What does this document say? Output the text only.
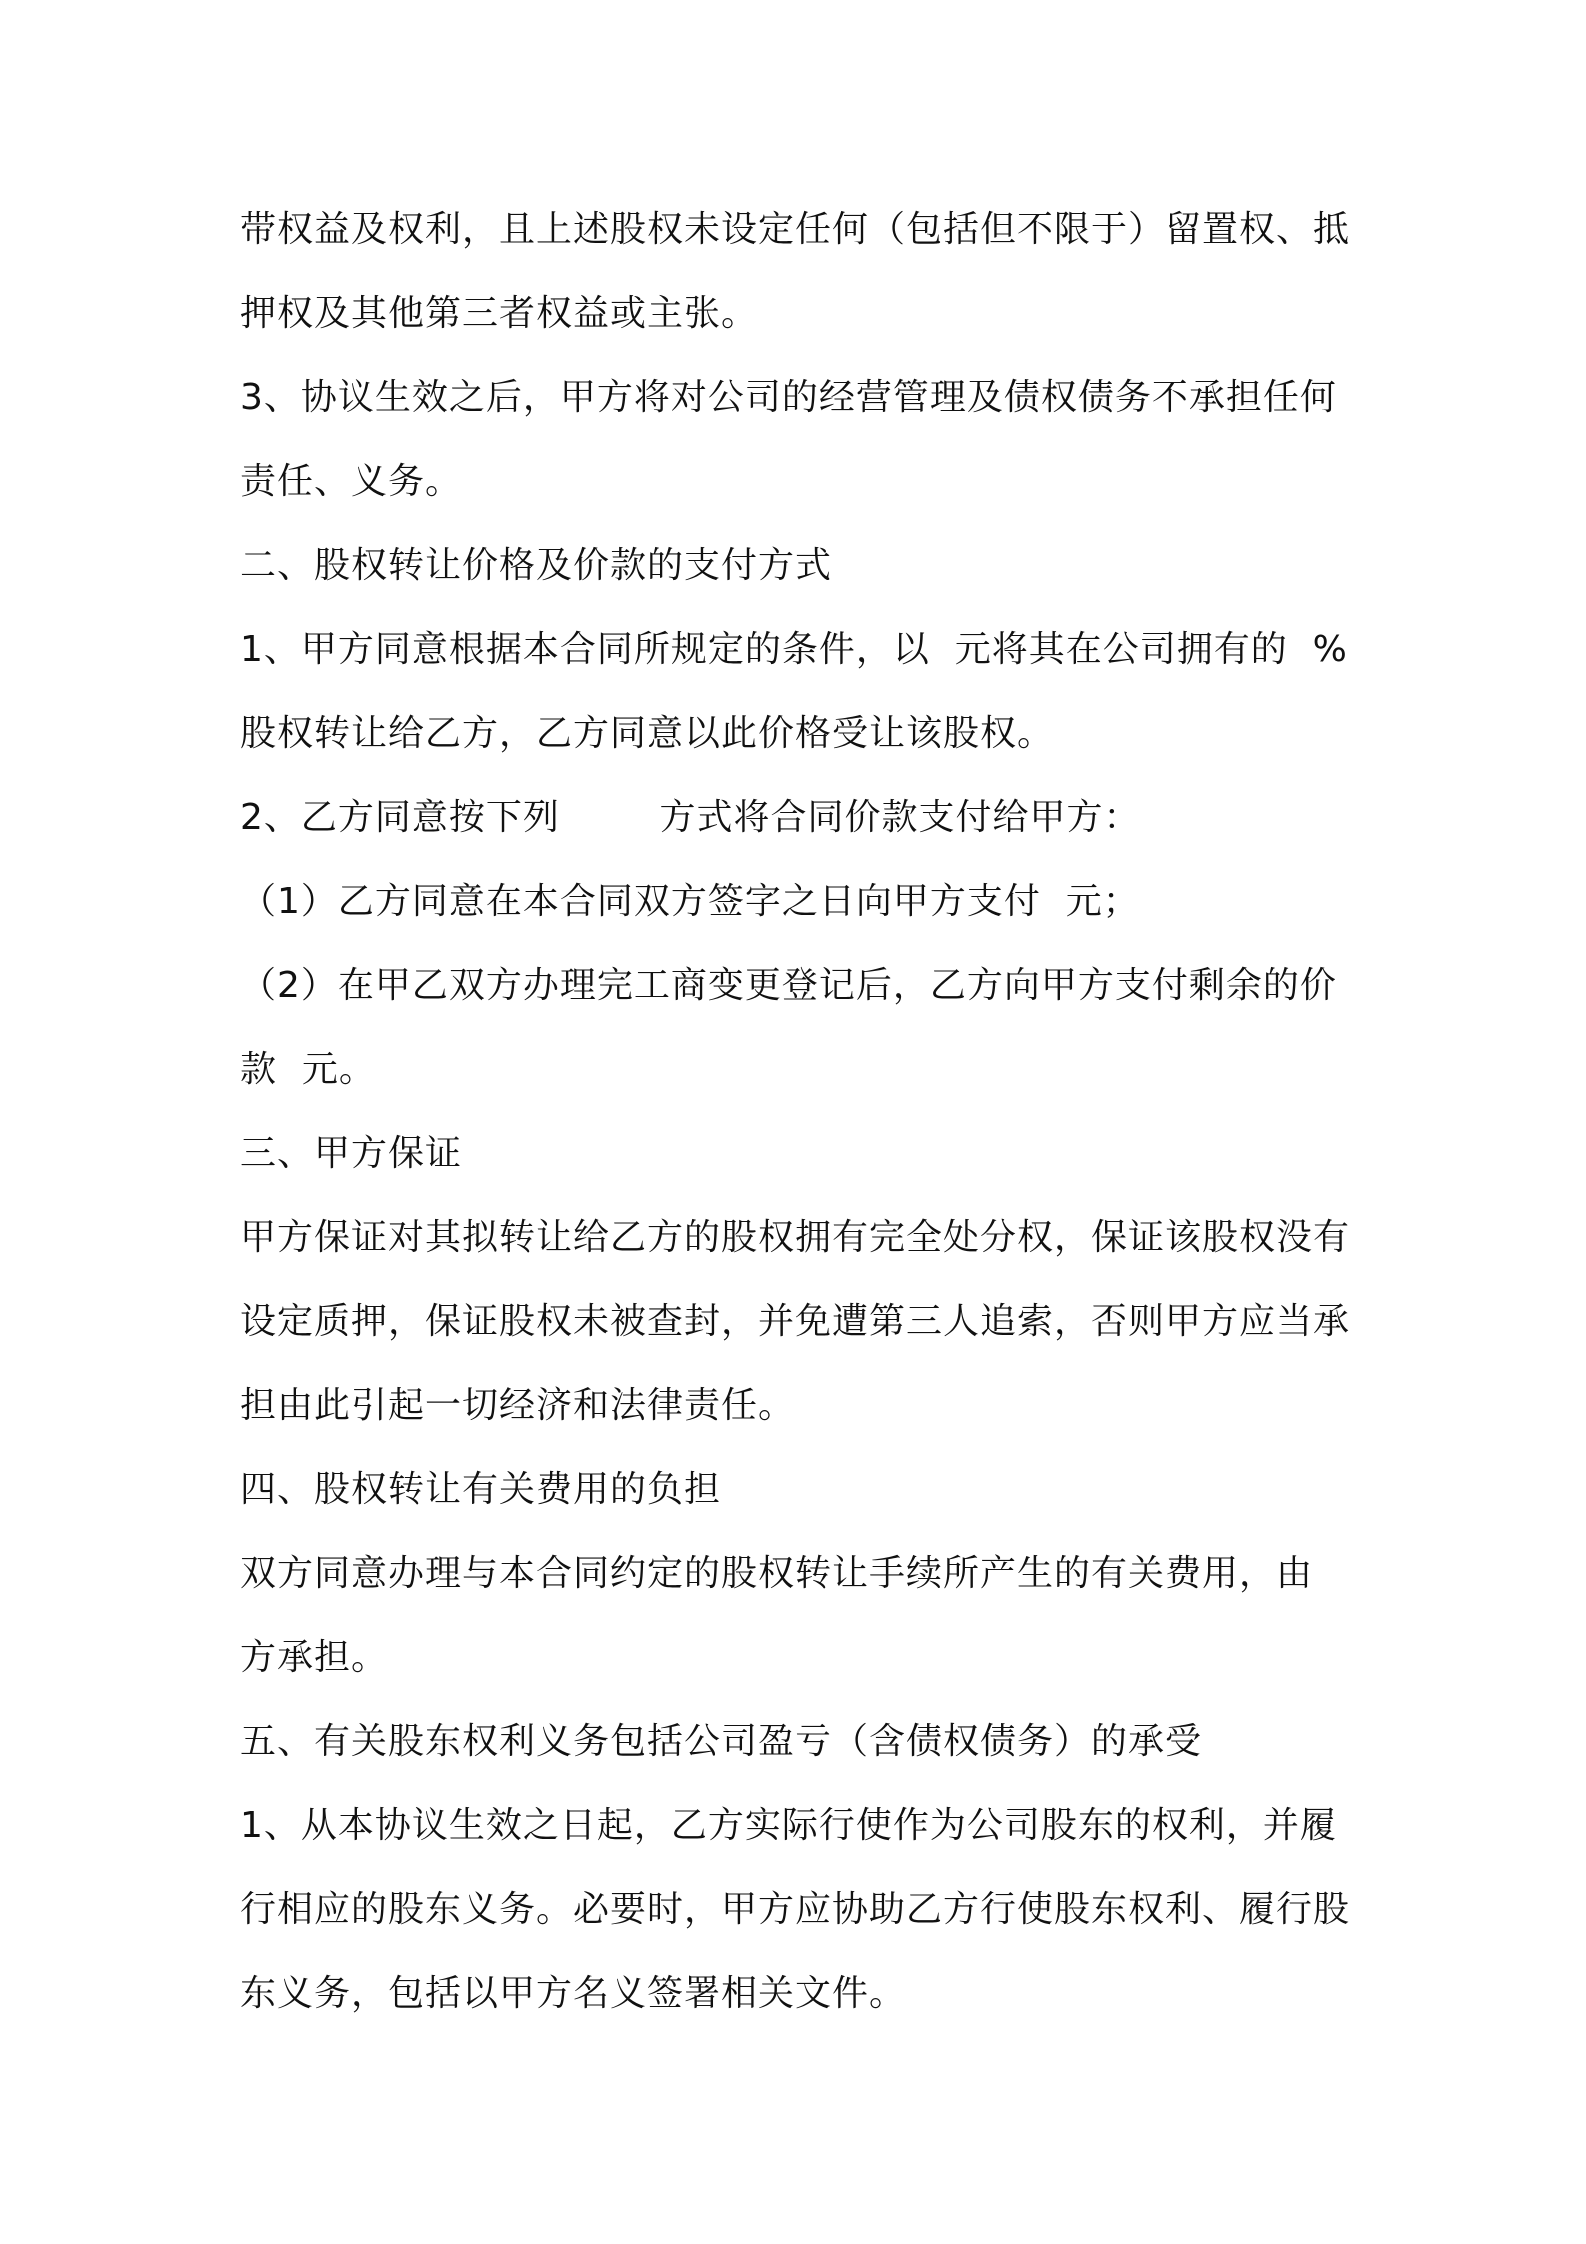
带权益及权利，且上述股权未设定任何（包括但不限于）留置权、抵
押权及其他第三者权益或主张。
3、协议生效之后，甲方将对公司的经营管理及债权债务不承担任何
责任、义务。
二、股权转让价格及价款的支付方式
1、甲方同意根据本合同所规定的条件，以  元将其在公司拥有的  %
股权转让给乙方，乙方同意以此价格受让该股权。
2、乙方同意按下列        方式将合同价款支付给甲方：
（1）乙方同意在本合同双方签字之日向甲方支付  元；
（2）在甲乙双方办理完工商变更登记后，乙方向甲方支付剩余的价
款  元。
三、甲方保证
甲方保证对其拟转让给乙方的股权拥有完全处分权，保证该股权没有
设定质押，保证股权未被查封，并免遭第三人追索，否则甲方应当承
担由此引起一切经济和法律责任。
四、股权转让有关费用的负担
双方同意办理与本合同约定的股权转让手续所产生的有关费用，由
方承担。
五、有关股东权利义务包括公司盈亏（含债权债务）的承受
1、从本协议生效之日起，乙方实际行使作为公司股东的权利，并履
行相应的股东义务。必要时，甲方应协助乙方行使股东权利、履行股
东义务，包括以甲方名义签署相关文件。
